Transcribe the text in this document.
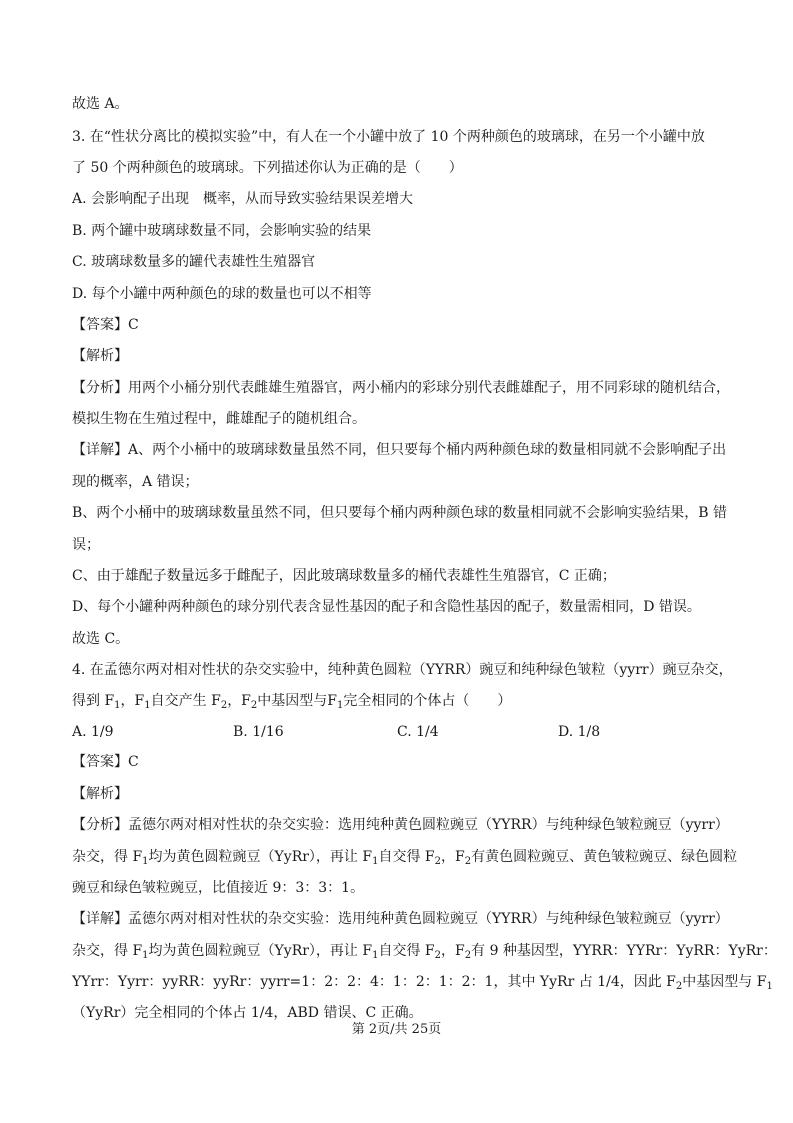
故选 A。
3. 在“性状分离比的模拟实验”中，有人在一个小罐中放了 10 个两种颜色的玻璃球，在另一个小罐中放
了 50 个两种颜色的玻璃球。下列描述你认为正确的是（　　）
A. 会影响配子出现　概率，从而导致实验结果误差增大
B. 两个罐中玻璃球数量不同，会影响实验的结果
C. 玻璃球数量多的罐代表雄性生殖器官
D. 每个小罐中两种颜色的球的数量也可以不相等
【答案】C
【解析】
【分析】用两个小桶分别代表雌雄生殖器官，两小桶内的彩球分别代表雌雄配子，用不同彩球的随机结合，
模拟生物在生殖过程中，雌雄配子的随机组合。
【详解】A、两个小桶中的玻璃球数量虽然不同，但只要每个桶内两种颜色球的数量相同就不会影响配子出
现的概率，A 错误；
B、两个小桶中的玻璃球数量虽然不同，但只要每个桶内两种颜色球的数量相同就不会影响实验结果，B 错
误；
C、由于雄配子数量远多于雌配子，因此玻璃球数量多的桶代表雄性生殖器官，C 正确；
D、每个小罐种两种颜色的球分别代表含显性基因的配子和含隐性基因的配子，数量需相同，D 错误。
故选 C。
4. 在孟德尔两对相对性状的杂交实验中，纯种黄色圆粒（YYRR）豌豆和纯种绿色皱粒（yyrr）豌豆杂交，
得到 $F_1$，$F_1$自交产生 $F_2$，$F_2$中基因型与$F_1$完全相同的个体占（　　）
A. 1/9	B. 1/16	C. 1/4	D. 1/8
【答案】C
【解析】
【分析】孟德尔两对相对性状的杂交实验：选用纯种黄色圆粒豌豆（YYRR）与纯种绿色皱粒豌豆（yyrr）
杂交，得 $F_1$均为黄色圆粒豌豆（YyRr），再让 $F_1$自交得 $F_2$，$F_2$有黄色圆粒豌豆、黄色皱粒豌豆、绿色圆粒
豌豆和绿色皱粒豌豆，比值接近 9：3：3：1。
【详解】孟德尔两对相对性状的杂交实验：选用纯种黄色圆粒豌豆（YYRR）与纯种绿色皱粒豌豆（yyrr）
杂交，得 $F_1$均为黄色圆粒豌豆（YyRr），再让 $F_1$自交得 $F_2$，$F_2$有 9 种基因型，YYRR：YYRr：YyRR：YyRr：
YYrr：Yyrr：yyRR：yyRr：yyrr=1：2：2：4：1：2：1：2：1，其中 YyRr 占 1/4，因此 $F_2$中基因型与 $F_1$
（YyRr）完全相同的个体占 1/4，ABD 错误、C 正确。
第 2页/共 25页
